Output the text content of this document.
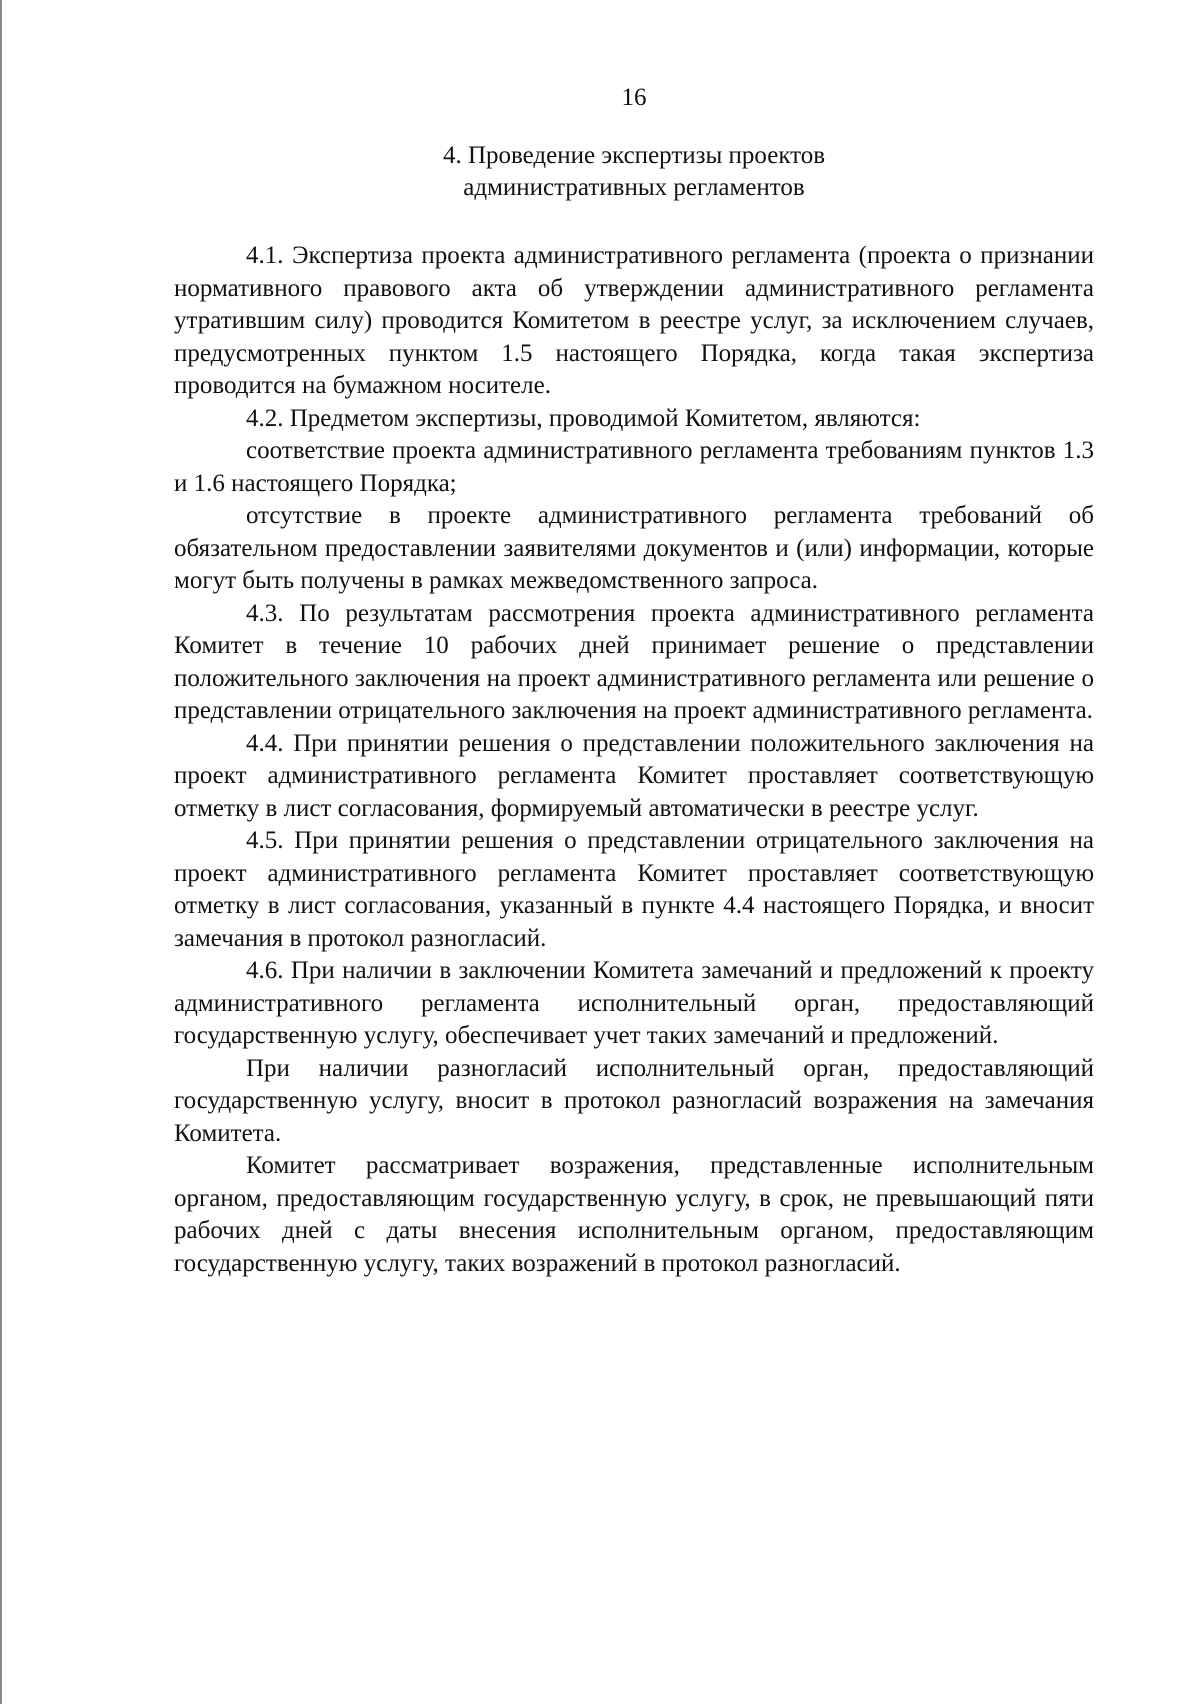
16
4. Проведение экспертизы проектов
административных регламентов

4.1. Экспертиза проекта административного регламента (проекта о признании нормативного правового акта об утверждении административного регламента утратившим силу) проводится Комитетом в реестре услуг, за исключением случаев, предусмотренных пунктом 1.5 настоящего Порядка, когда такая экспертиза проводится на бумажном носителе.

4.2. Предметом экспертизы, проводимой Комитетом, являются:

соответствие проекта административного регламента требованиям пунктов 1.3 и 1.6 настоящего Порядка;

отсутствие в проекте административного регламента требований об обязательном предоставлении заявителями документов и (или) информации, которые могут быть получены в рамках межведомственного запроса.

4.3. По результатам рассмотрения проекта административного регламента Комитет в течение 10 рабочих дней принимает решение о представлении положительного заключения на проект административного регламента или решение о представлении отрицательного заключения на проект административного регламента.

4.4. При принятии решения о представлении положительного заключения на проект административного регламента Комитет проставляет соответствующую отметку в лист согласования, формируемый автоматически в реестре услуг.

4.5. При принятии решения о представлении отрицательного заключения на проект административного регламента Комитет проставляет соответствующую отметку в лист согласования, указанный в пункте 4.4 настоящего Порядка, и вносит замечания в протокол разногласий.

4.6. При наличии в заключении Комитета замечаний и предложений к проекту административного регламента исполнительный орган, предоставляющий государственную услугу, обеспечивает учет таких замечаний и предложений.

При наличии разногласий исполнительный орган, предоставляющий государственную услугу, вносит в протокол разногласий возражения на замечания Комитета.

Комитет рассматривает возражения, представленные исполнительным органом, предоставляющим государственную услугу, в срок, не превышающий пяти рабочих дней с даты внесения исполнительным органом, предоставляющим государственную услугу, таких возражений в протокол разногласий.
